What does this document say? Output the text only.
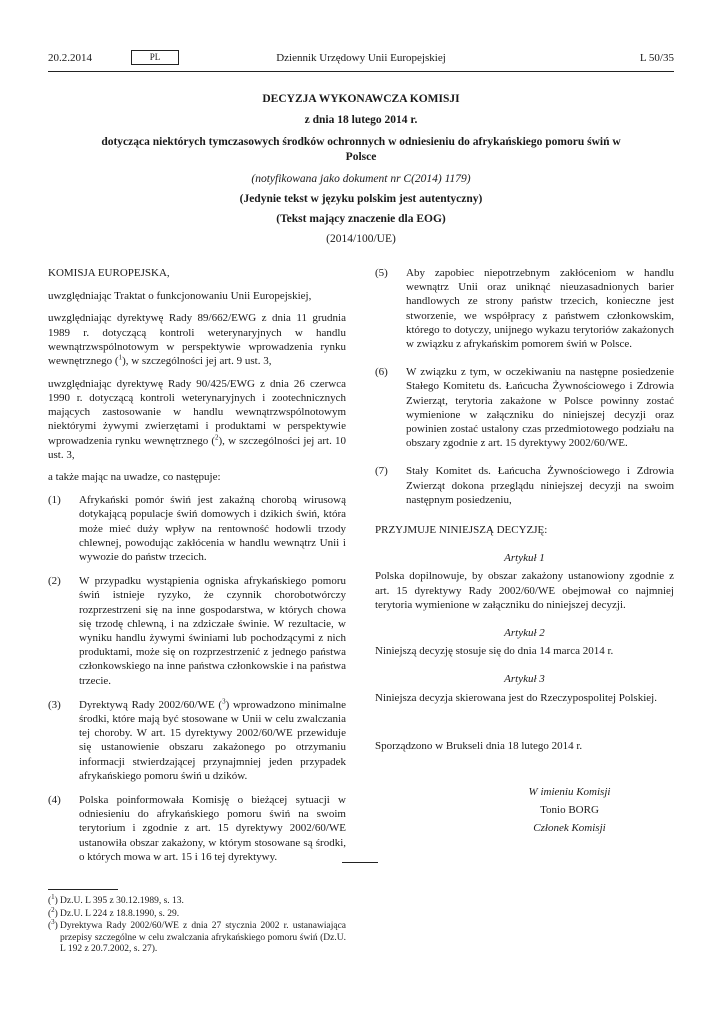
20.2.2014	PL	Dziennik Urzędowy Unii Europejskiej	L 50/35
DECYZJA WYKONAWCZA KOMISJI
z dnia 18 lutego 2014 r.
dotycząca niektórych tymczasowych środków ochronnych w odniesieniu do afrykańskiego pomoru świń w Polsce
(notyfikowana jako dokument nr C(2014) 1179)
(Jedynie tekst w języku polskim jest autentyczny)
(Tekst mający znaczenie dla EOG)
(2014/100/UE)

KOMISJA EUROPEJSKA,

uwzględniając Traktat o funkcjonowaniu Unii Europejskiej,

uwzględniając dyrektywę Rady 89/662/EWG z dnia 11 grudnia 1989 r. dotyczącą kontroli weterynaryjnych w handlu wewnątrzwspólnotowym w perspektywie wprowadzenia rynku wewnętrznego ($^1$), w szczególności jej art. 9 ust. 3,

uwzględniając dyrektywę Rady 90/425/EWG z dnia 26 czerwca 1990 r. dotyczącą kontroli weterynaryjnych i zootechnicznych mających zastosowanie w handlu wewnątrzwspólnotowym niektórymi żywymi zwierzętami i produktami w perspektywie wprowadzenia rynku wewnętrznego ($^2$), w szczególności jej art. 10 ust. 3,

a także mając na uwadze, co następuje:

(1) Afrykański pomór świń jest zakaźną chorobą wirusową dotykającą populacje świń domowych i dzikich świń, która może mieć duży wpływ na rentowność hodowli trzody chlewnej, powodując zakłócenia w handlu wewnątrz Unii i wywozie do państw trzecich.
(2) W przypadku wystąpienia ogniska afrykańskiego pomoru świń istnieje ryzyko, że czynnik chorobotwórczy rozprzestrzeni się na inne gospodarstwa, w których chowa się trzodę chlewną, i na zdziczałe świnie. W rezultacie, w wyniku handlu żywymi świniami lub pochodzącymi z nich produktami, może się on rozprzestrzenić z jednego państwa członkowskiego na inne państwa członkowskie i na państwa trzecie.
(3) Dyrektywą Rady 2002/60/WE ($^3$) wprowadzono minimalne środki, które mają być stosowane w Unii w celu zwalczania tej choroby. W art. 15 dyrektywy 2002/60/WE przewiduje się ustanowienie obszaru zakażonego po otrzymaniu informacji stwierdzającej przynajmniej jeden przypadek afrykańskiego pomoru świń u dzików.
(4) Polska poinformowała Komisję o bieżącej sytuacji w odniesieniu do afrykańskiego pomoru świń na swoim terytorium i zgodnie z art. 15 dyrektywy 2002/60/WE ustanowiła obszar zakażony, w którym stosowane są środki, o których mowa w art. 15 i 16 tej dyrektywy.
(5) Aby zapobiec niepotrzebnym zakłóceniom w handlu wewnątrz Unii oraz uniknąć nieuzasadnionych barier handlowych ze strony państw trzecich, konieczne jest stworzenie, we współpracy z państwem członkowskim, którego to dotyczy, unijnego wykazu terytoriów zakażonych w związku z afrykańskim pomorem świń w Polsce.
(6) W związku z tym, w oczekiwaniu na następne posiedzenie Stałego Komitetu ds. Łańcucha Żywnościowego i Zdrowia Zwierząt, terytoria zakażone w Polsce powinny zostać wymienione w załączniku do niniejszej decyzji oraz powinien zostać ustalony czas przedmiotowego podziału na obszary zgodnie z art. 15 dyrektywy 2002/60/WE.
(7) Stały Komitet ds. Łańcucha Żywnościowego i Zdrowia Zwierząt dokona przeglądu niniejszej decyzji na swoim następnym posiedzeniu,

PRZYJMUJE NINIEJSZĄ DECYZJĘ:

Artykuł 1

Polska dopilnowuje, by obszar zakażony ustanowiony zgodnie z art. 15 dyrektywy Rady 2002/60/WE obejmował co najmniej terytoria wymienione w załączniku do niniejszej decyzji.

Artykuł 2

Niniejszą decyzję stosuje się do dnia 14 marca 2014 r.

Artykuł 3

Niniejsza decyzja skierowana jest do Rzeczypospolitej Polskiej.

Sporządzono w Brukseli dnia 18 lutego 2014 r.

W imieniu Komisji
Tonio BORG
Członek Komisji
($^1$) Dz.U. L 395 z 30.12.1989, s. 13.
($^2$) Dz.U. L 224 z 18.8.1990, s. 29.
($^3$) Dyrektywa Rady 2002/60/WE z dnia 27 stycznia 2002 r. ustanawiająca przepisy szczególne w celu zwalczania afrykańskiego pomoru świń (Dz.U. L 192 z 20.7.2002, s. 27).
